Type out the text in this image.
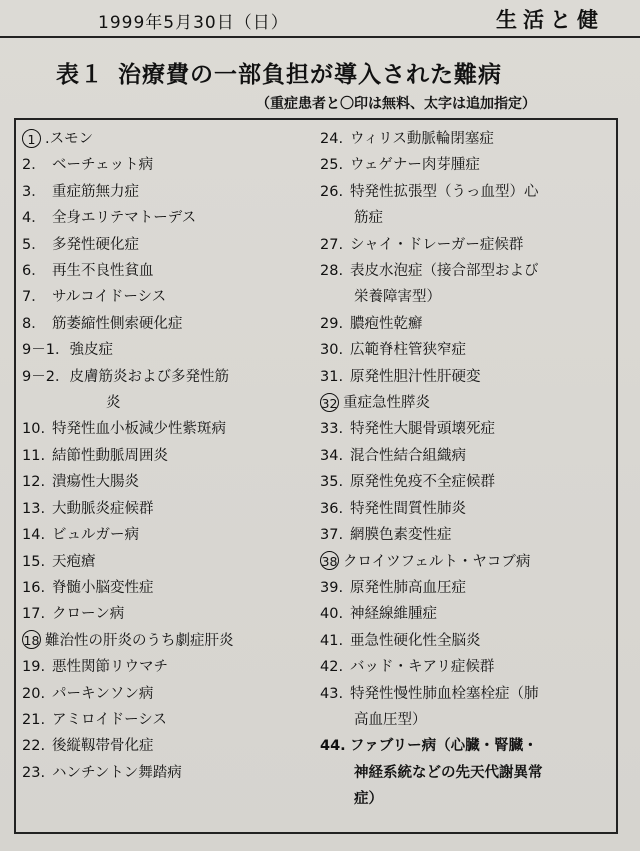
1999年5月30日（日）	生活と健
表１ 治療費の一部負担が導入された難病
（重症患者と〇印は無料、太字は追加指定）
1 .スモン
2． ベーチェット病
3． 重症筋無力症
4． 全身エリテマトーデス
5． 多発性硬化症
6． 再生不良性貧血
7． サルコイドーシス
8． 筋萎縮性側索硬化症
9－1．強皮症
9－2．皮膚筋炎および多発性筋
炎
10. 特発性血小板減少性紫斑病
11. 結節性動脈周囲炎
12. 潰瘍性大腸炎
13. 大動脈炎症候群
14. ビュルガー病
15. 天疱瘡
16. 脊髄小脳変性症
17. クローン病
18 難治性の肝炎のうち劇症肝炎
19. 悪性関節リウマチ
20. パーキンソン病
21. アミロイドーシス
22. 後縦靱帯骨化症
23. ハンチントン舞踏病
24. ウィリス動脈輪閉塞症
25. ウェゲナー肉芽腫症
26. 特発性拡張型（うっ血型）心
筋症
27. シャイ・ドレーガー症候群
28. 表皮水泡症（接合部型および
栄養障害型）
29. 膿疱性乾癬
30. 広範脊柱管狭窄症
31. 原発性胆汁性肝硬変
32 重症急性膵炎
33. 特発性大腿骨頭壊死症
34. 混合性結合組織病
35. 原発性免疫不全症候群
36. 特発性間質性肺炎
37. 網膜色素変性症
38 クロイツフェルト・ヤコブ病
39. 原発性肺高血圧症
40. 神経線維腫症
41. 亜急性硬化性全脳炎
42. バッド・キアリ症候群
43. 特発性慢性肺血栓塞栓症（肺
高血圧型）
44. ファブリー病（心臓・腎臓・
神経系統などの先天代謝異常
症）
